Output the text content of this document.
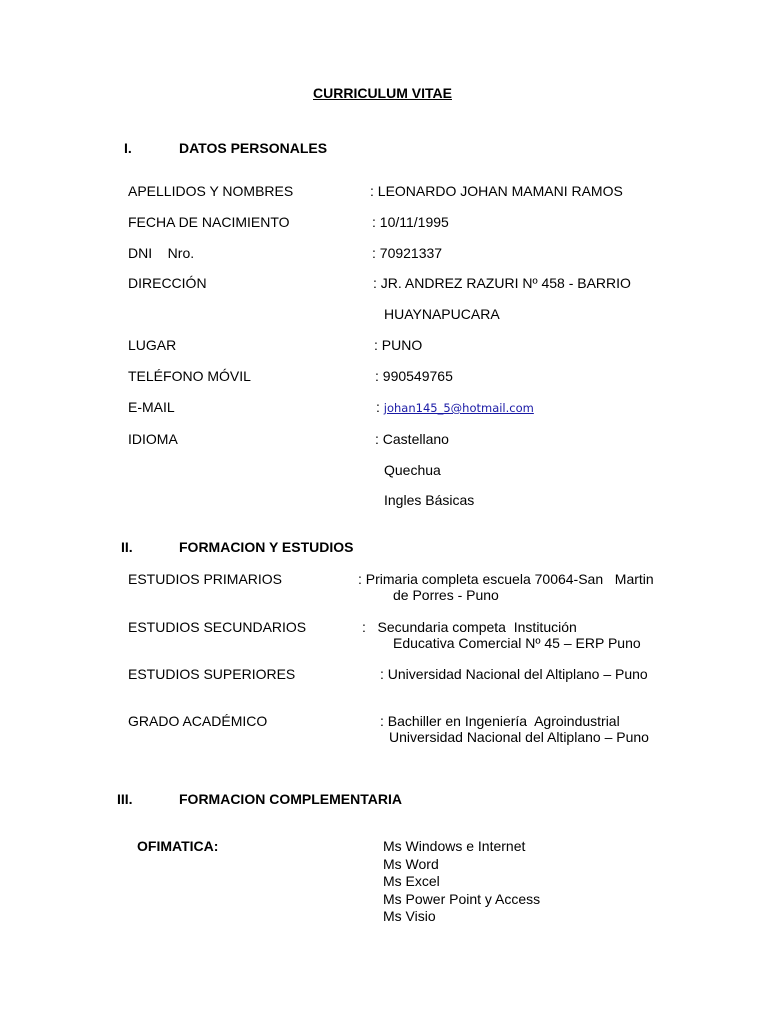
CURRICULUM VITAE
I.	DATOS PERSONALES
APELLIDOS Y NOMBRES	: LEONARDO JOHAN MAMANI RAMOS
FECHA DE NACIMIENTO	: 10/11/1995
DNI    Nro.	: 70921337
DIRECCIÓN	: JR. ANDREZ RAZURI Nº 458 - BARRIO
HUAYNAPUCARA
LUGAR	: PUNO
TELÉFONO MÓVIL	: 990549765
E-MAIL	: johan145_5@hotmail.com
IDIOMA	: Castellano
Quechua
Ingles Básicas
II.	FORMACION Y ESTUDIOS
ESTUDIOS PRIMARIOS	: Primaria completa escuela 70064-San   Martin
de Porres - Puno
ESTUDIOS SECUNDARIOS	:   Secundaria competa  Institución
Educativa Comercial Nº 45 – ERP Puno
ESTUDIOS SUPERIORES	: Universidad Nacional del Altiplano – Puno
GRADO ACADÉMICO	: Bachiller en Ingeniería  Agroindustrial
Universidad Nacional del Altiplano – Puno
III.	FORMACION COMPLEMENTARIA
OFIMATICA:	Ms Windows e Internet
Ms Word
Ms Excel
Ms Power Point y Access
Ms Visio
